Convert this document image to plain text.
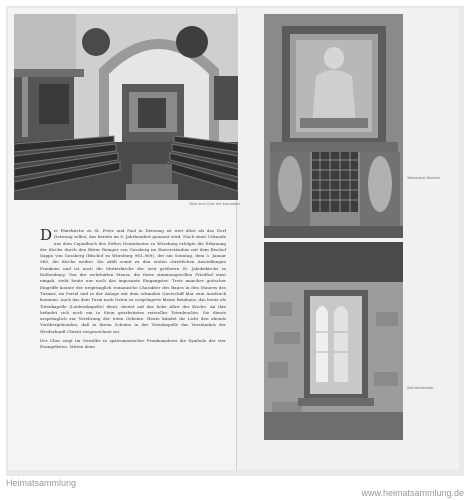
Blick zum Chor mit Kreuzaltar
Tabernakel-Nischen
Sakristeifenster

Die Pfarrkirche zu St. Peter und Paul in Detwang ist weit älter als das Dorf Detwang selbst, das bereits im 8. Jahrhundert genannt wird. Nach einer Urkunde aus dem Copialbuch des Stiftes Neumünster zu Würzburg erfolgte die Erbauung der Kirche durch den Ritter Reinger von Gossberg im Einverständnis mit dem Bischof Suppo von Gossberg (Bischof zu Würzburg 961–969), der am Sonntag, dem 5. Januar 968, die Kirche weihte. Sie zählt somit zu den ersten christlichen Ansiedlungen Frankens und ist auch die Mutterkirche der weit größeren St. Jakobskirche in Rothenburg. Von der wehrhaften Mauer, die ihren stimmungsvollen Friedhof einst umgab, steht heute nur noch das imposante Eingangstor. Trotz mancher gotischer Eingriffe konnte der ursprünglich romanische Charakter des Baues in den Mauern des Turmes, im Portal und in der Anlage mit dem schmalen Querschiff klar zum Ausdruck kommen. Auch das dem Turm nach Osten zu vorgelagerte kleine Beinhaus, das heute als Totenkapelle (Leidenskapelle) dient, deutet auf das hohe Alter der Kirche. An ihm befindet sich noch ein in Stein gearbeitetes reizvolles Totenleuchte. Sie diente ursprünglich zur Verehrung der toten Gebeine. Heute kündet ihr Licht den abends Vorübergehenden, daß in ihrem Scheine in der Totenkapelle das Verständnis der Wiederkunft Christi vorgezeichnet sei.

Der Chor zeigt im Gewölbe in spätromanischer Frankomalerei die Symbole der vier Evangelisten. Mitten denn

Heimatsammlung
www.heimatsammlung.de
